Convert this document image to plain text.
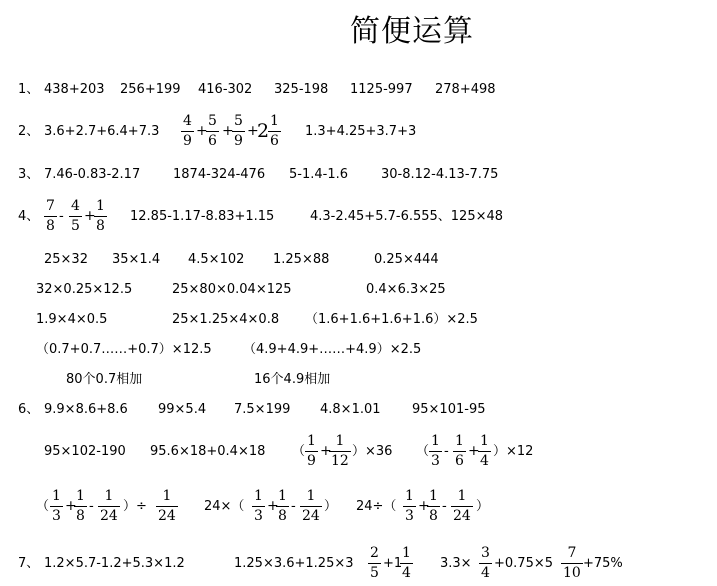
简便运算
1、 438+203 256+199 416-302 325-198 1125-997 278+498
2、 3.6+2.7+6.4+7.3
4
9
+
5
6
+
5
9
+
2 1
6
1.3+4.25+3.7+3
3、 7.46-0.83-2.17	1874-324-476 5-1.4-1.6	30-8.12-4.13-7.75
4、
7
8
-
4
5
+
1
8
12.85-1.17-8.83+1.15	4.3-2.45+5.7-6.555、125×48
25×32 35×1.4 4.5×102 1.25×88	0.25×444
32×0.25×12.5	25×80×0.04×125	0.4×6.3×25
1.9×4×0.5	25×1.25×4×0.8 （1.6+1.6+1.6+1.6）×2.5
（0.7+0.7……+0.7）×12.5 （4.9+4.9+……+4.9）×2.5
80个0.7相加	16个4.9相加
6、 9.9×8.6+8.6 99×5.4 7.5×199 4.8×1.01 95×101-95
95×102-190 95.6×18+0.4×18 （
1
9
+
1
12
）×36 （
1
3
-
1
6
+
1
4
）×12
（
1
3
+
1
8
-
1
24
）÷
1
24
24×（
1
3
+
1
8
-
1
24
） 24÷（
1
3
+
1
8
-
1
24
）
7、 1.2×5.7-1.2+5.3×1.2	1.25×3.6+1.25×3
2
5
+1
1
4
3.3×
3
4
+0.75×5
7
10
+75%
